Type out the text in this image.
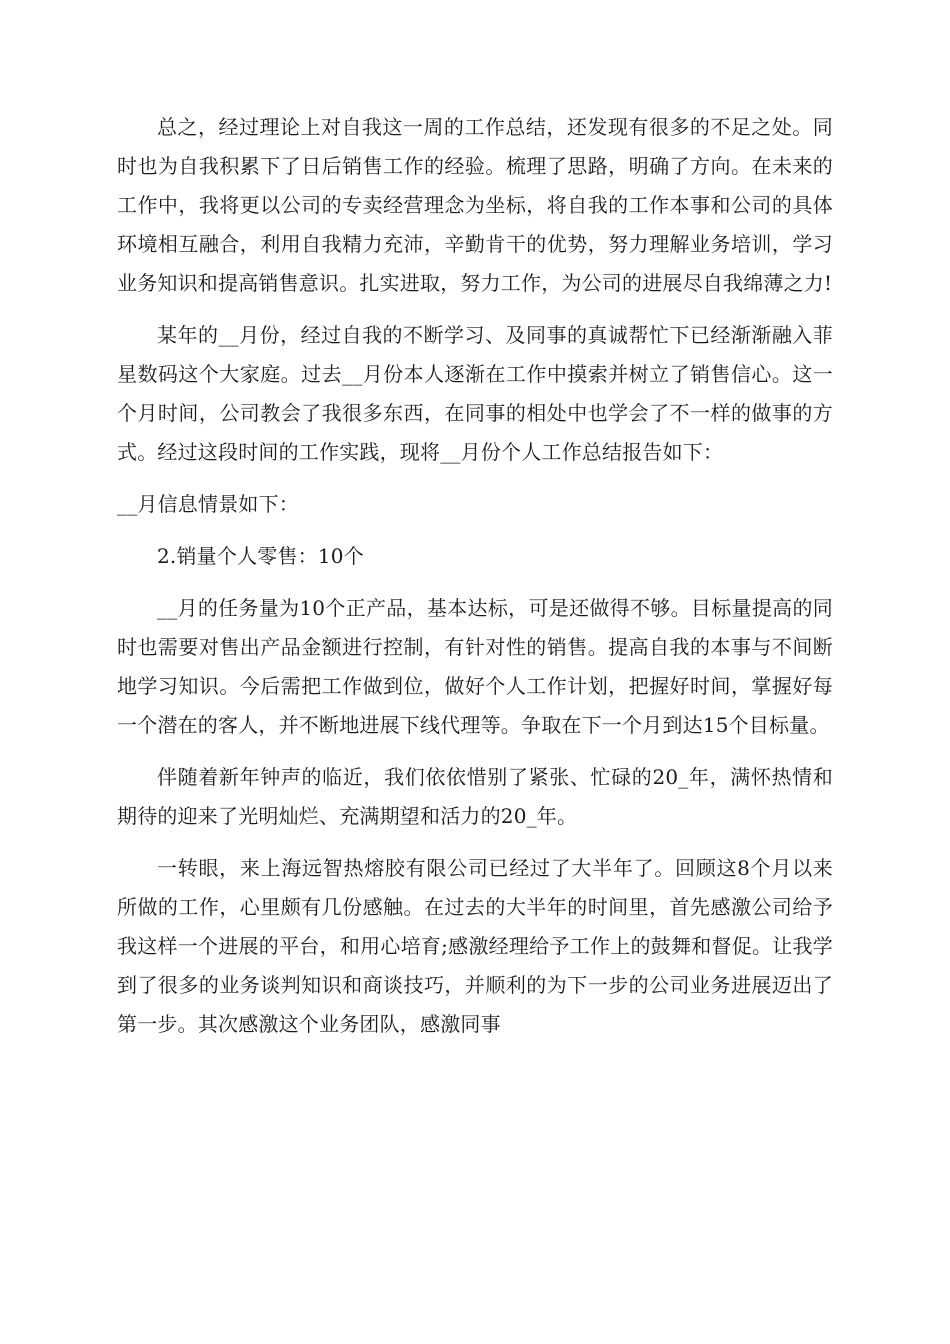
总之，经过理论上对自我这一周的工作总结，还发现有很多的不足之处。同时也为自我积累下了日后销售工作的经验。梳理了思路，明确了方向。在未来的工作中，我将更以公司的专卖经营理念为坐标，将自我的工作本事和公司的具体环境相互融合，利用自我精力充沛，辛勤肯干的优势，努力理解业务培训，学习业务知识和提高销售意识。扎实进取，努力工作，为公司的进展尽自我绵薄之力!

某年的__月份，经过自我的不断学习、及同事的真诚帮忙下已经渐渐融入菲星数码这个大家庭。过去__月份本人逐渐在工作中摸索并树立了销售信心。这一个月时间，公司教会了我很多东西，在同事的相处中也学会了不一样的做事的方式。经过这段时间的工作实践，现将__月份个人工作总结报告如下：

__月信息情景如下：

2.销量个人零售：10个

__月的任务量为10个正产品，基本达标，可是还做得不够。目标量提高的同时也需要对售出产品金额进行控制，有针对性的销售。提高自我的本事与不间断地学习知识。今后需把工作做到位，做好个人工作计划，把握好时间，掌握好每一个潜在的客人，并不断地进展下线代理等。争取在下一个月到达15个目标量。

伴随着新年钟声的临近，我们依依惜别了紧张、忙碌的20_年，满怀热情和期待的迎来了光明灿烂、充满期望和活力的20_年。

一转眼，来上海远智热熔胶有限公司已经过了大半年了。回顾这8个月以来所做的工作，心里颇有几份感触。在过去的大半年的时间里，首先感激公司给予我这样一个进展的平台，和用心培育;感激经理给予工作上的鼓舞和督促。让我学到了很多的业务谈判知识和商谈技巧，并顺利的为下一步的公司业务进展迈出了第一步。其次感激这个业务团队，感激同事
